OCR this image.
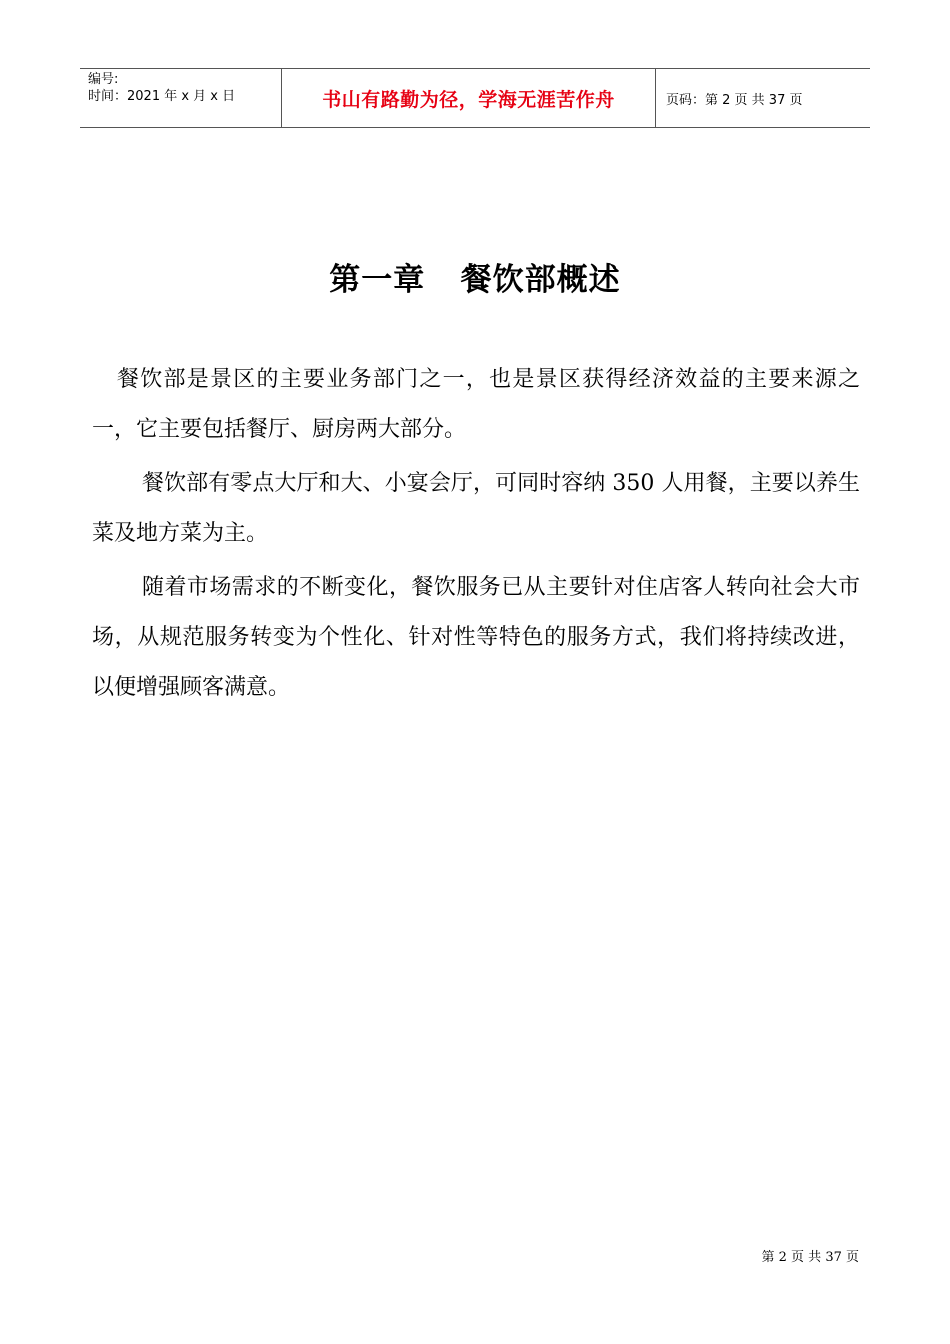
编号:
时间：2021 年 x 月 x 日	书山有路勤为径，学海无涯苦作舟	页码：第 2 页 共 37 页
第一章   餐饮部概述

餐饮部是景区的主要业务部门之一，也是景区获得经济效益的主要来源之一，它主要包括餐厅、厨房两大部分。

餐饮部有零点大厅和大、小宴会厅，可同时容纳 350 人用餐，主要以养生菜及地方菜为主。

随着市场需求的不断变化，餐饮服务已从主要针对住店客人转向社会大市场，从规范服务转变为个性化、针对性等特色的服务方式，我们将持续改进，以便增强顾客满意。

第 2 页 共 37 页
